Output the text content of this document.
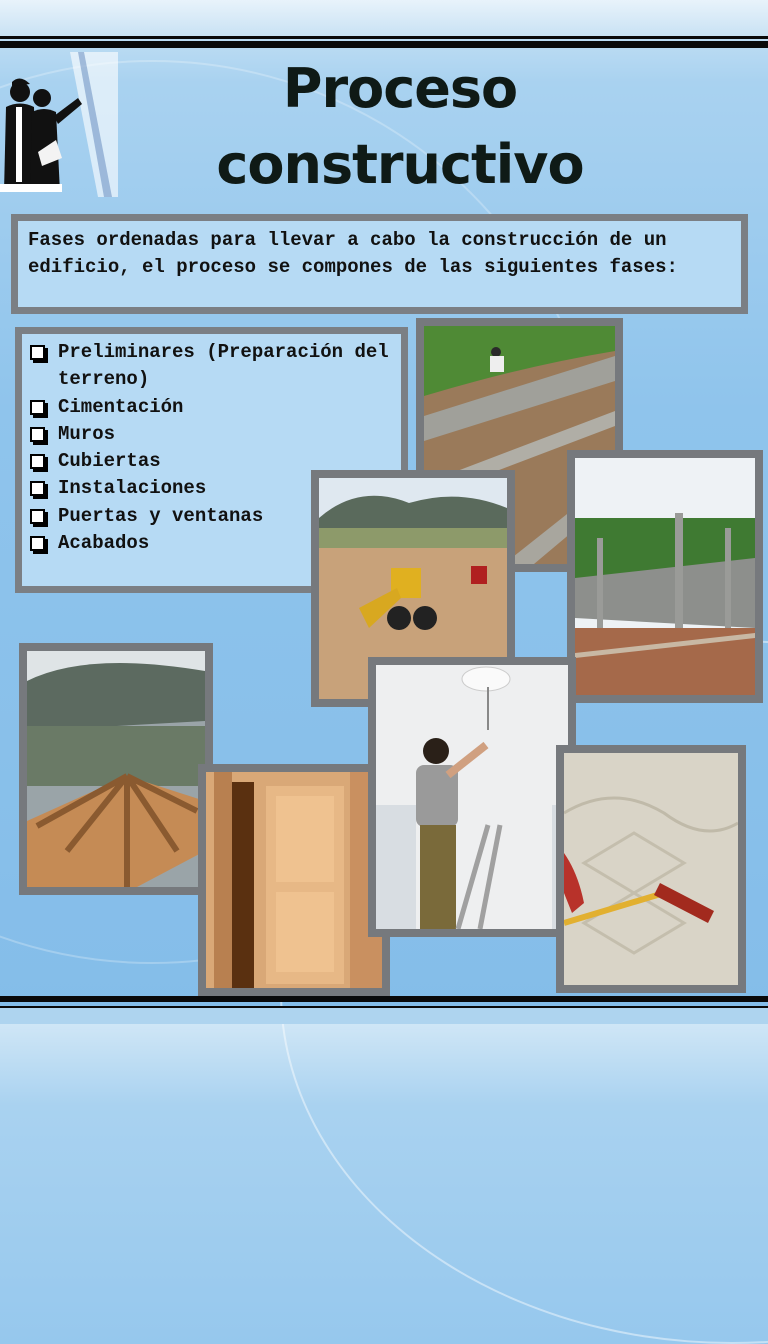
Proceso
constructivo
Fases ordenadas para llevar a cabo la construcción de un edificio, el proceso se compones de las siguientes fases:
Preliminares (Preparación del terreno)
Cimentación
Muros
Cubiertas
Instalaciones
Puertas y ventanas
Acabados
